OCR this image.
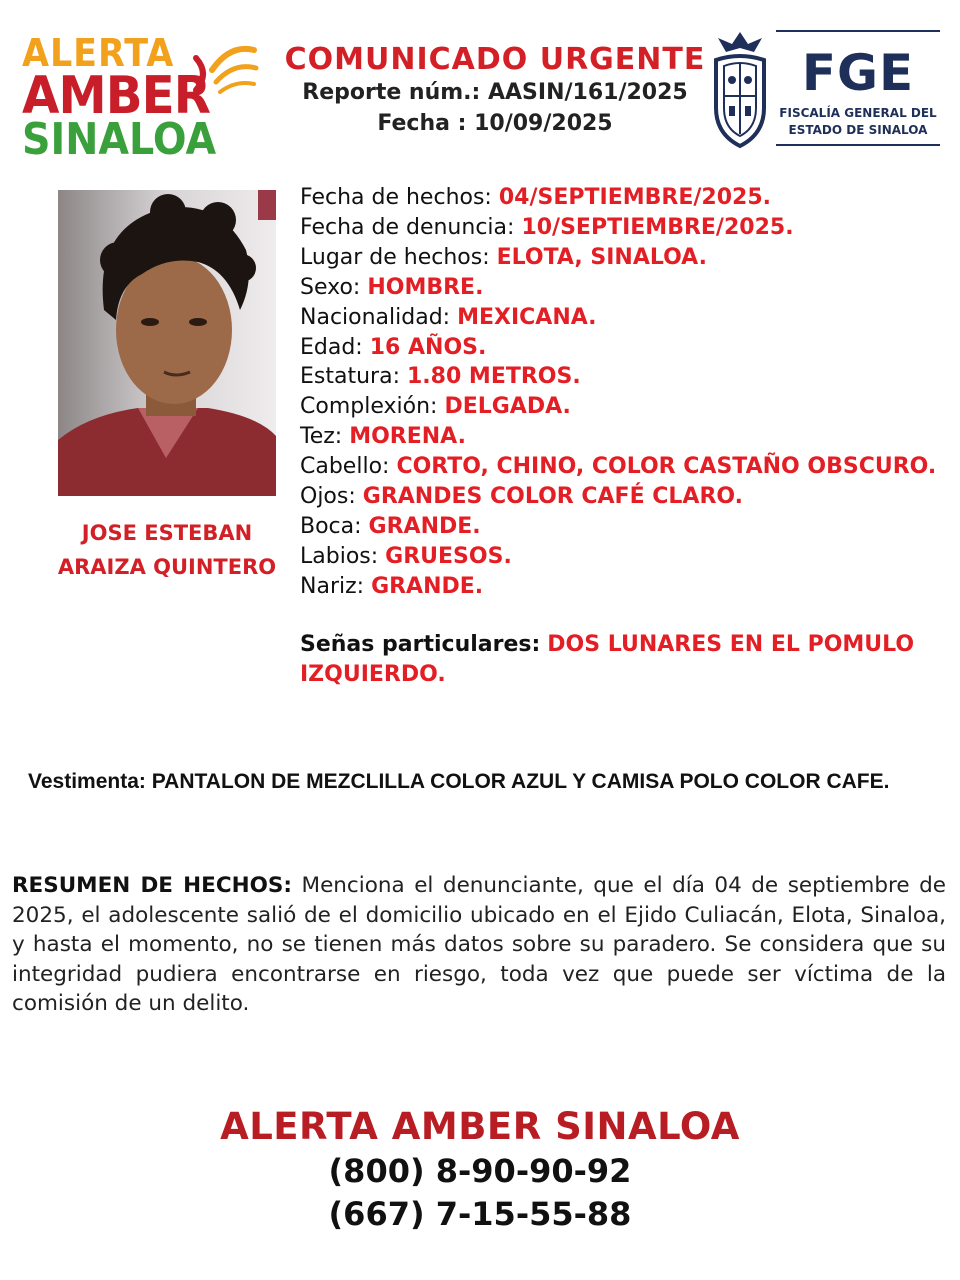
ALERTA
AMBER
SINALOA
COMUNICADO URGENTE
Reporte núm.: AASIN/161/2025
Fecha : 10/09/2025
FGE
FISCALÍA GENERAL DEL
ESTADO DE SINALOA
JOSE ESTEBAN
ARAIZA QUINTERO
Fecha de hechos: 04/SEPTIEMBRE/2025.
Fecha de denuncia: 10/SEPTIEMBRE/2025.
Lugar de hechos: ELOTA, SINALOA.
Sexo: HOMBRE.
Nacionalidad: MEXICANA.
Edad: 16 AÑOS.
Estatura: 1.80 METROS.
Complexión: DELGADA.
Tez: MORENA.
Cabello: CORTO, CHINO, COLOR CASTAÑO OBSCURO.
Ojos: GRANDES COLOR CAFÉ CLARO.
Boca: GRANDE.
Labios: GRUESOS.
Nariz: GRANDE.
Señas particulares: DOS LUNARES EN EL POMULO IZQUIERDO.
Vestimenta: PANTALON DE MEZCLILLA COLOR AZUL Y CAMISA POLO COLOR CAFE.
RESUMEN DE HECHOS: Menciona el denunciante, que el día 04 de septiembre de 2025, el adolescente salió de el domicilio ubicado en el Ejido Culiacán, Elota, Sinaloa, y hasta el momento, no se tienen más datos sobre su paradero. Se considera que su integridad pudiera encontrarse en riesgo, toda vez que puede ser víctima de la comisión de un delito.
ALERTA AMBER SINALOA
(800) 8-90-90-92
(667) 7-15-55-88
